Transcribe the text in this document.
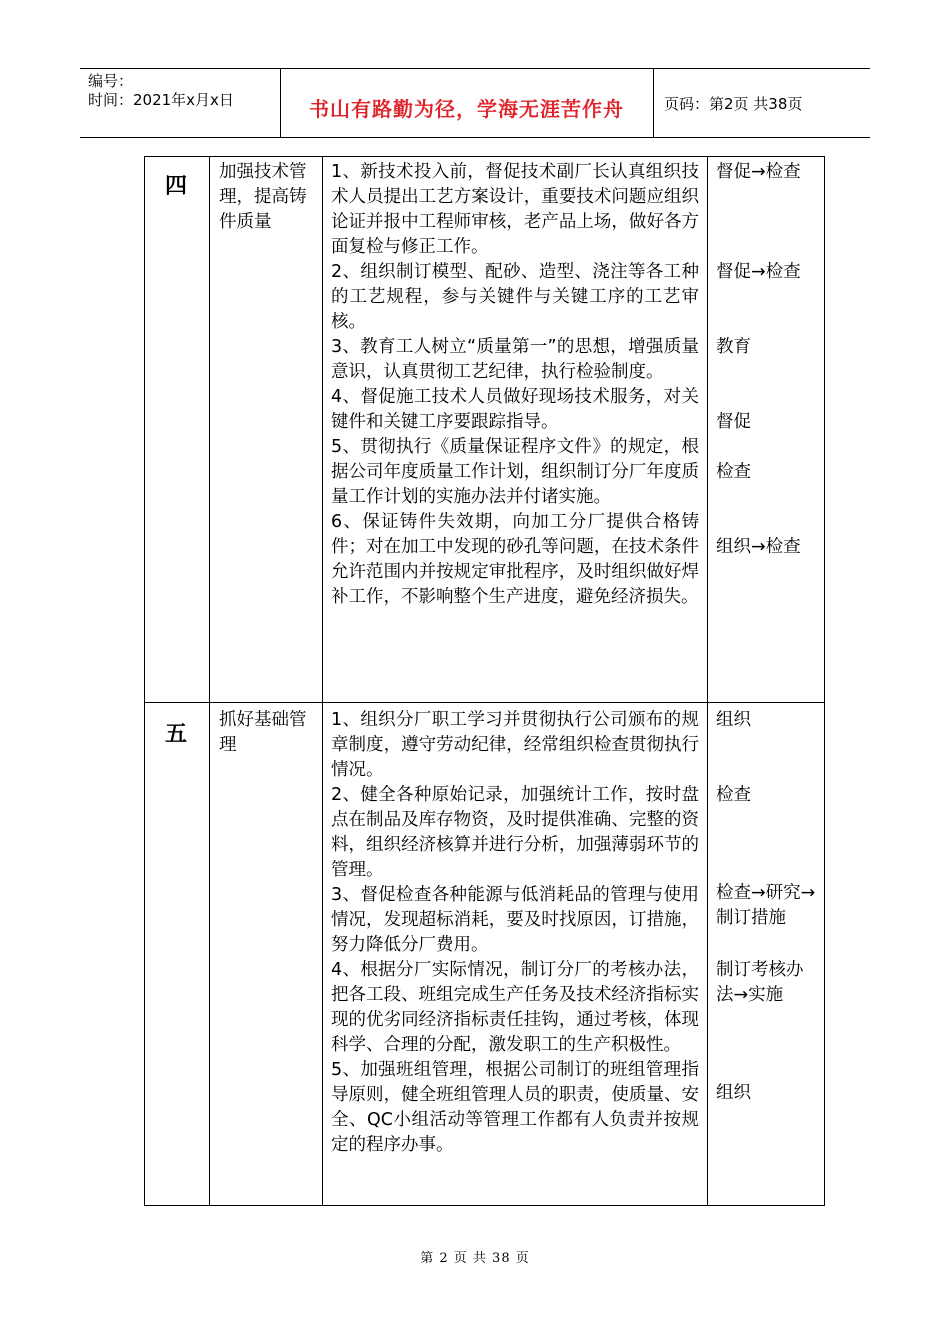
编号：
时间：2021年x月x日	书山有路勤为径，学海无涯苦作舟	页码：第2页 共38页
四
加强技术管理，提高铸件质量

1、新技术投入前，督促技术副厂长认真组织技术人员提出工艺方案设计，重要技术问题应组织论证并报中工程师审核，老产品上场，做好各方面复检与修正工作。

2、组织制订模型、配砂、造型、浇注等各工种的工艺规程，参与关键件与关键工序的工艺审核。

3、教育工人树立“质量第一”的思想，增强质量意识，认真贯彻工艺纪律，执行检验制度。

4、督促施工技术人员做好现场技术服务，对关键件和关键工序要跟踪指导。

5、贯彻执行《质量保证程序文件》的规定，根据公司年度质量工作计划，组织制订分厂年度质量工作计划的实施办法并付诸实施。

6、保证铸件失效期，向加工分厂提供合格铸件；对在加工中发现的砂孔等问题，在技术条件允许范围内并按规定审批程序，及时组织做好焊补工作，不影响整个生产进度，避免经济损失。

督促→检查
督促→检查
教育
督促
检查
组织→检查
五
抓好基础管理

1、组织分厂职工学习并贯彻执行公司颁布的规章制度，遵守劳动纪律，经常组织检查贯彻执行情况。

2、健全各种原始记录，加强统计工作，按时盘点在制品及库存物资，及时提供准确、完整的资料，组织经济核算并进行分析，加强薄弱环节的管理。

3、督促检查各种能源与低消耗品的管理与使用情况，发现超标消耗，要及时找原因，订措施，努力降低分厂费用。

4、根据分厂实际情况，制订分厂的考核办法，把各工段、班组完成生产任务及技术经济指标实现的优劣同经济指标责任挂钩，通过考核，体现科学、合理的分配，激发职工的生产积极性。

5、加强班组管理，根据公司制订的班组管理指导原则，健全班组管理人员的职责，使质量、安全、QC小组活动等管理工作都有人负责并按规定的程序办事。

组织
检查
检查→研究→制订措施
制订考核办法→实施
组织
第 2 页 共 38 页
